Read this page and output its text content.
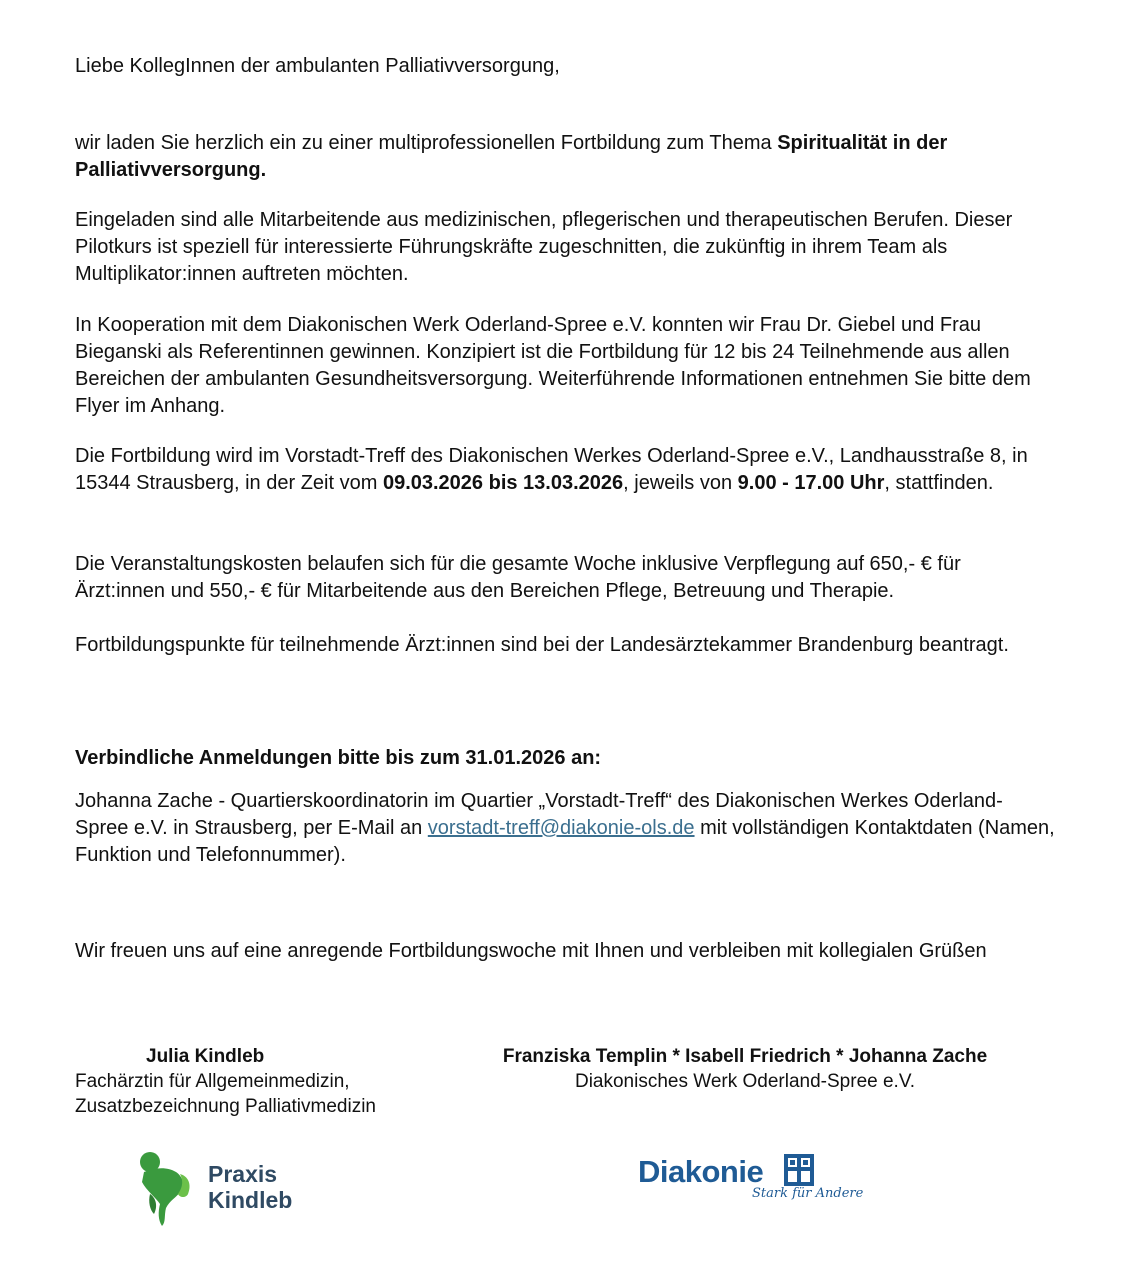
Liebe KollegInnen der ambulanten Palliativversorgung,

wir laden Sie herzlich ein zu einer multiprofessionellen Fortbildung zum Thema Spiritualität in der Palliativversorgung.

Eingeladen sind alle Mitarbeitende aus medizinischen, pflegerischen und therapeutischen Berufen. Dieser Pilotkurs ist speziell für interessierte Führungskräfte zugeschnitten, die zukünftig in ihrem Team als Multiplikator:innen auftreten möchten.

In Kooperation mit dem Diakonischen Werk Oderland-Spree e.V. konnten wir Frau Dr. Giebel und Frau Bieganski als Referentinnen gewinnen. Konzipiert ist die Fortbildung für 12 bis 24 Teilnehmende aus allen Bereichen der ambulanten Gesundheitsversorgung. Weiterführende Informationen entnehmen Sie bitte dem Flyer im Anhang.

Die Fortbildung wird im Vorstadt-Treff des Diakonischen Werkes Oderland-Spree e.V., Landhausstraße 8, in 15344 Strausberg, in der Zeit vom 09.03.2026 bis 13.03.2026, jeweils von 9.00 - 17.00 Uhr, stattfinden.

Die Veranstaltungskosten belaufen sich für die gesamte Woche inklusive Verpflegung auf 650,- € für Ärzt:innen und 550,- € für Mitarbeitende aus den Bereichen Pflege, Betreuung und Therapie.

Fortbildungspunkte für teilnehmende Ärzt:innen sind bei der Landesärztekammer Brandenburg beantragt.

Verbindliche Anmeldungen bitte bis zum 31.01.2026 an:

Johanna Zache - Quartierskoordinatorin im Quartier „Vorstadt-Treff“ des Diakonischen Werkes Oderland-Spree e.V. in Strausberg, per E-Mail an vorstadt-treff@diakonie-ols.de mit vollständigen Kontaktdaten (Namen, Funktion und Telefonnummer).

Wir freuen uns auf eine anregende Fortbildungswoche mit Ihnen und verbleiben mit kollegialen Grüßen

Julia Kindleb
Fachärztin für Allgemeinmedizin,
Zusatzbezeichnung Palliativmedizin
Franziska Templin * Isabell Friedrich * Johanna Zache
Diakonisches Werk Oderland-Spree e.V.
Praxis
Kindleb
Diakonie
Stark für Andere
